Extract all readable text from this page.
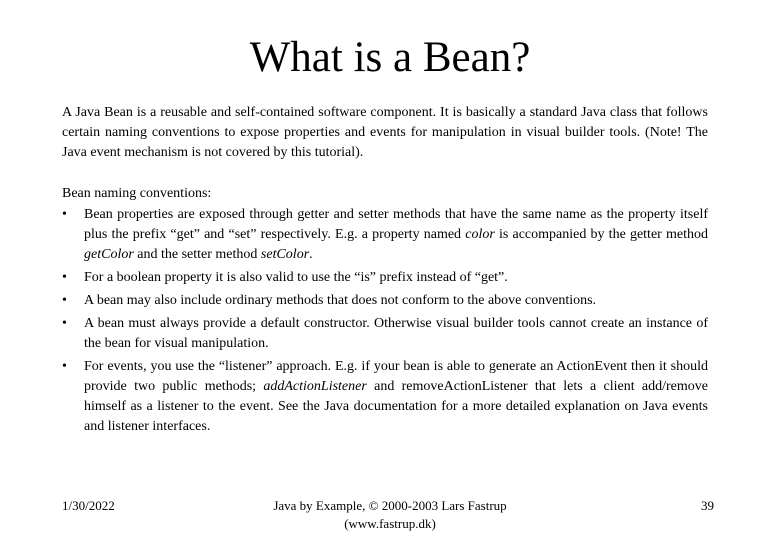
What is a Bean?

A Java Bean is a reusable and self-contained software component. It is basically a standard Java class that follows certain naming conventions to expose properties and events for manipulation in visual builder tools. (Note! The Java event mechanism is not covered by this tutorial).

Bean naming conventions:

•	Bean properties are exposed through getter and setter methods that have the same name as the property itself plus the prefix “get” and “set” respectively. E.g. a property named color is accompanied by the getter method getColor and the setter method setColor.
•	For a boolean property it is also valid to use the “is” prefix instead of “get”.
•	A bean may also include ordinary methods that does not conform to the above conventions.
•	A bean must always provide a default constructor. Otherwise visual builder tools cannot create an instance of the bean for visual manipulation.
•	For events, you use the “listener” approach. E.g. if your bean is able to generate an ActionEvent then it should provide two public methods; addActionListener and removeActionListener that lets a client add/remove himself as a listener to the event. See the Java documentation for a more detailed explanation on Java events and listener interfaces.
1/30/2022	Java by Example, © 2000-2003 Lars Fastrup
(www.fastrup.dk)
39
